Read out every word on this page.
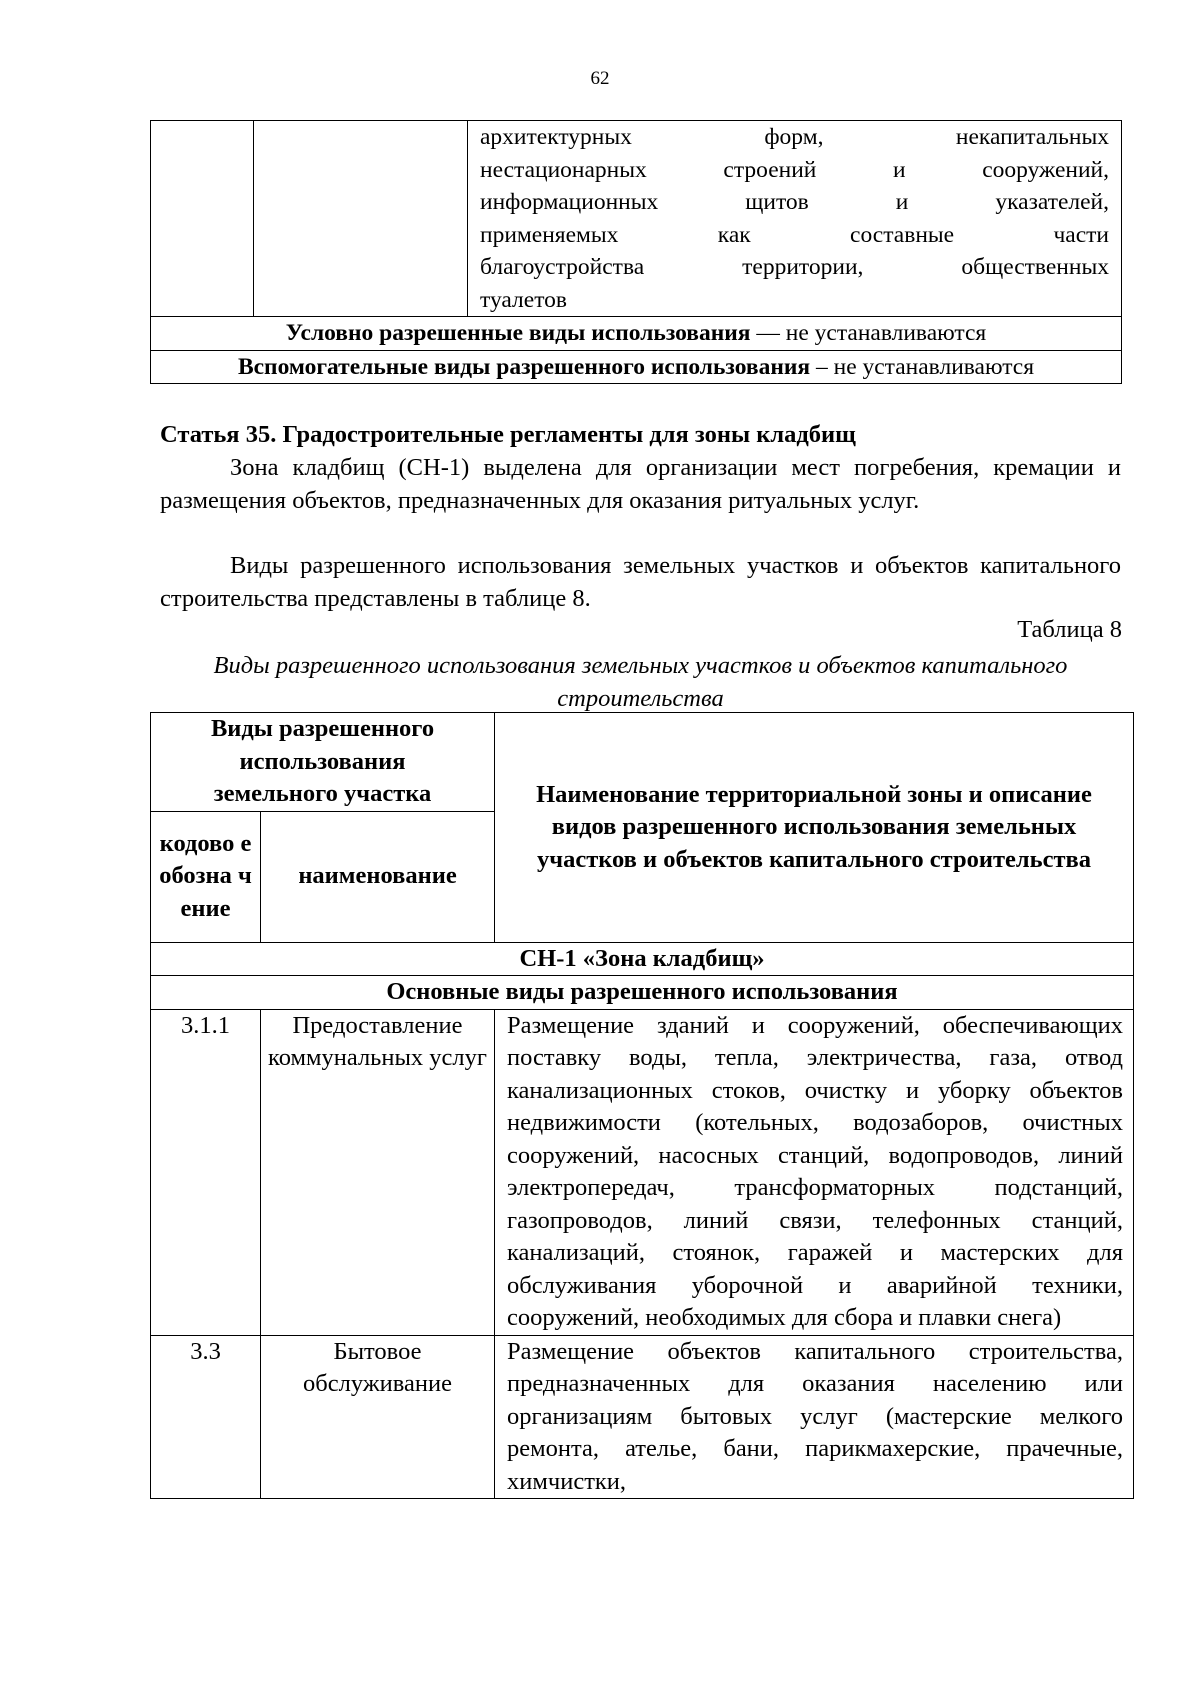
62

архитектурных форм, некапитальных
нестационарных строений и сооружений,
информационных щитов и указателей,
применяемых как составные части
благоустройства территории, общественных
туалетов

Условно разрешенные виды использования — не устанавливаются
Вспомогательные виды разрешенного использования – не устанавливаются
Статья 35. Градостроительные регламенты для зоны кладбищ
Зона кладбищ (СН-1) выделена для организации мест погребения, кремации и размещения объектов, предназначенных для оказания ритуальных услуг.
Виды разрешенного использования земельных участков и объектов капитального строительства представлены в таблице 8.
Таблица 8
Виды разрешенного использования земельных участков и объектов капитального строительства
Виды разрешенного использования земельного участка		Наименование территориальной зоны и описание видов разрешенного использования земельных участков и объектов капитального строительства
кодово е обозна чение	наименование	
СН-1 «Зона кладбищ»		
Основные виды разрешенного использования		
3.1.1	Предоставление коммунальных услуг	Размещение зданий и сооружений, обеспечивающих поставку воды, тепла, электричества, газа, отвод канализационных стоков, очистку и уборку объектов недвижимости (котельных, водозаборов, очистных сооружений, насосных станций, водопроводов, линий электропередач, трансформаторных подстанций, газопроводов, линий связи, телефонных станций, канализаций, стоянок, гаражей и мастерских для обслуживания уборочной и аварийной техники, сооружений, необходимых для сбора и плавки снега)
3.3	Бытовое обслуживание	Размещение объектов капитального строительства, предназначенных для оказания населению или организациям бытовых услуг (мастерские мелкого ремонта, ателье, бани, парикмахерские, прачечные, химчистки,
